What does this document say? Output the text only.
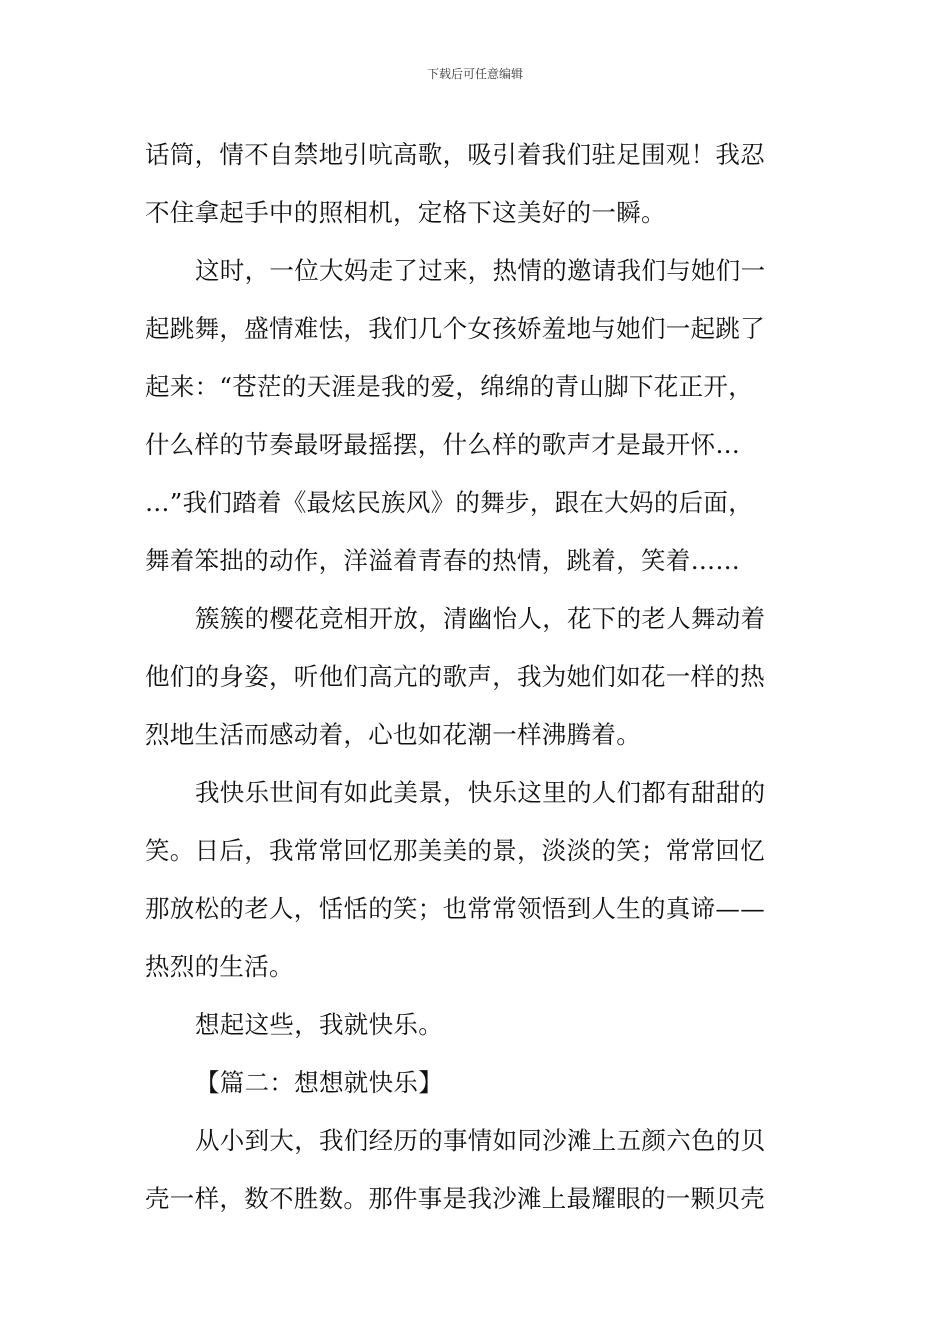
下载后可任意编辑
话筒，情不自禁地引吭高歌，吸引着我们驻足围观！我忍
不住拿起手中的照相机，定格下这美好的一瞬。
这时，一位大妈走了过来，热情的邀请我们与她们一
起跳舞，盛情难怯，我们几个女孩娇羞地与她们一起跳了
起来：“苍茫的天涯是我的爱，绵绵的青山脚下花正开，
什么样的节奏最呀最摇摆，什么样的歌声才是最开怀…
…”我们踏着《最炫民族风》的舞步，跟在大妈的后面，
舞着笨拙的动作，洋溢着青春的热情，跳着，笑着……
簇簇的樱花竞相开放，清幽怡人，花下的老人舞动着
他们的身姿，听他们高亢的歌声，我为她们如花一样的热
烈地生活而感动着，心也如花潮一样沸腾着。
我快乐世间有如此美景，快乐这里的人们都有甜甜的
笑。日后，我常常回忆那美美的景，淡淡的笑；常常回忆
那放松的老人，恬恬的笑；也常常领悟到人生的真谛——
热烈的生活。
想起这些，我就快乐。
【篇二：想想就快乐】
从小到大，我们经历的事情如同沙滩上五颜六色的贝
壳一样，数不胜数。那件事是我沙滩上最耀眼的一颗贝壳
